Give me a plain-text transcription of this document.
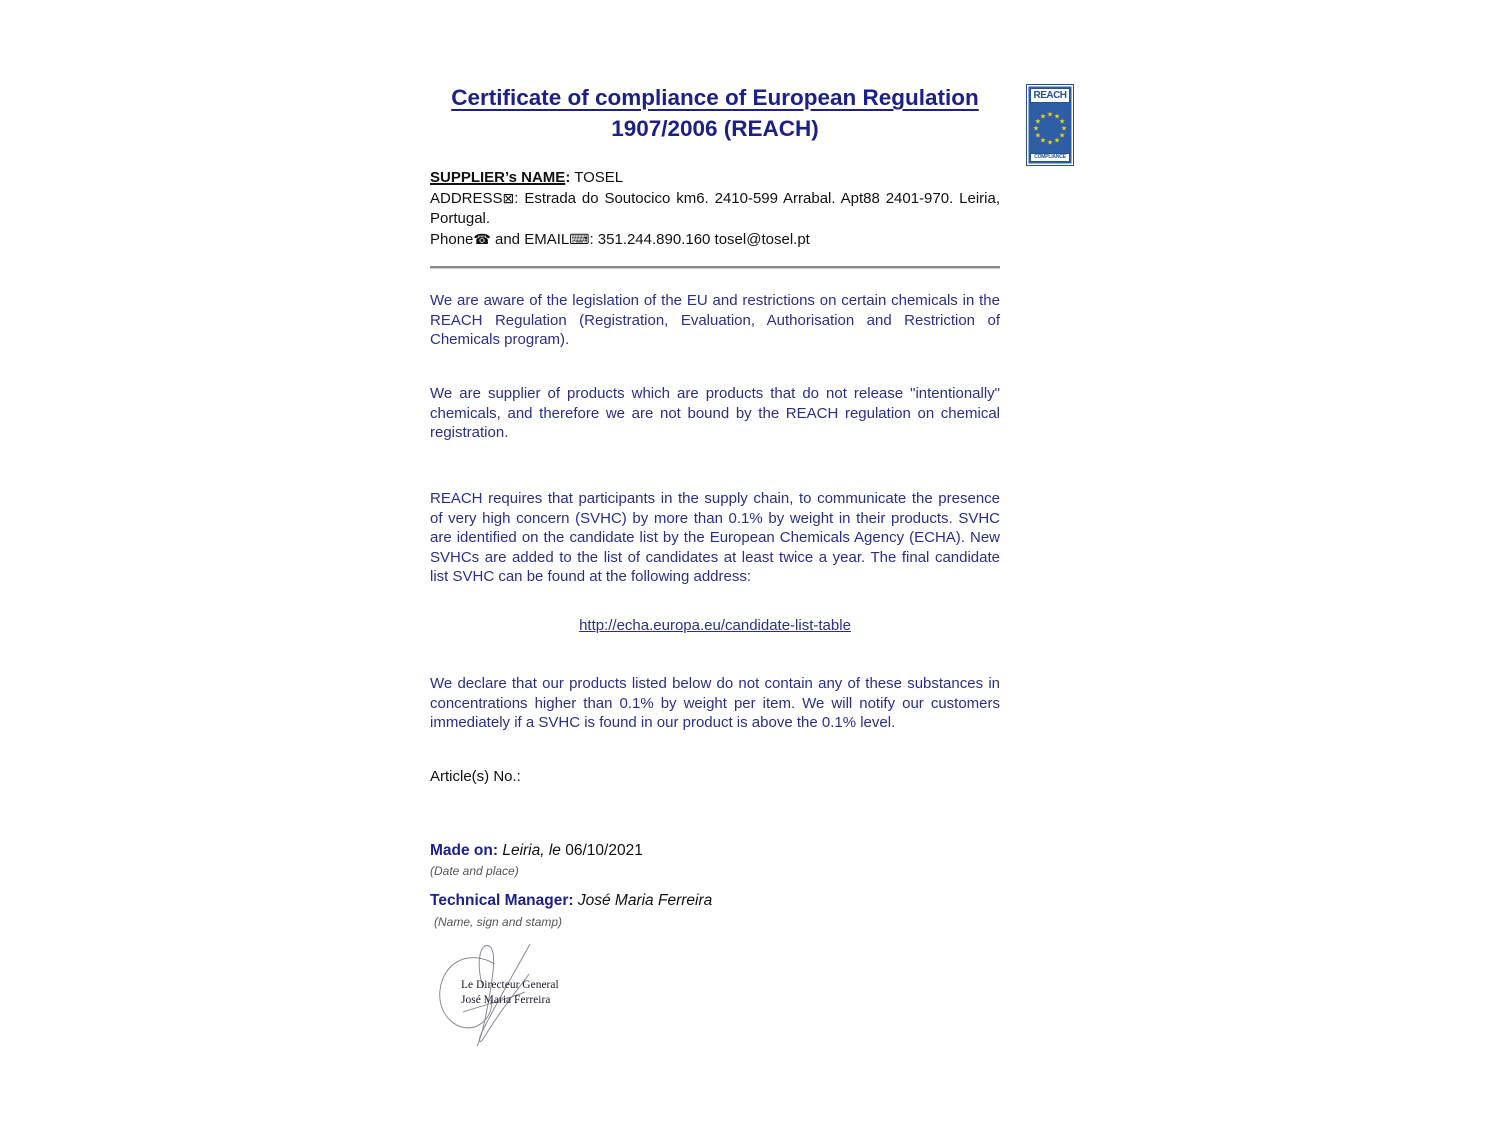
Certificate of compliance of European Regulation
1907/2006 (REACH)
REACH
★ ★
★
★
★
★
★
★
★
★
★
★
COMPLIANCE
SUPPLIER’s NAME: TOSEL
ADDRESS⊠: Estrada do Soutocico km6. 2410-599 Arrabal. Apt88 2401-970. Leiria, Portugal.
Phone☎ and EMAIL⌨: 351.244.890.160 tosel@tosel.pt

We are aware of the legislation of the EU and restrictions on certain chemicals in the REACH Regulation (Registration, Evaluation, Authorisation and Restriction of Chemicals program).

We are supplier of products which are products that do not release "intentionally" chemicals, and therefore we are not bound by the REACH regulation on chemical registration.

REACH requires that participants in the supply chain, to communicate the presence of very high concern (SVHC) by more than 0.1% by weight in their products. SVHC are identified on the candidate list by the European Chemicals Agency (ECHA). New SVHCs are added to the list of candidates at least twice a year. The final candidate list SVHC can be found at the following address:

http://echa.europa.eu/candidate-list-table

We declare that our products listed below do not contain any of these substances in concentrations higher than 0.1% by weight per item. We will notify our customers immediately if a SVHC is found in our product is above the 0.1% level.

Article(s) No.:
Made on: Leiria, le 06/10/2021
(Date and place)
Technical Manager: José Maria Ferreira
(Name, sign and stamp)
Le Directeur General
José Maria Ferreira
